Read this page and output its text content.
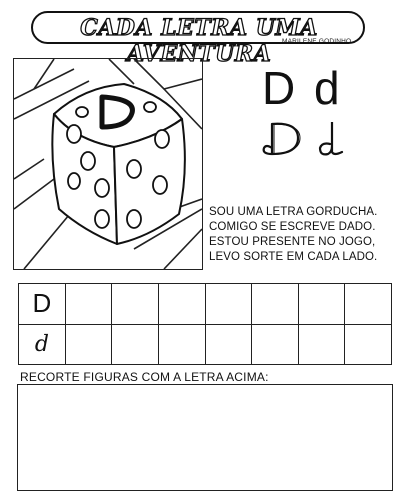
CADA LETRA UMA AVENTURA	MARILENE GODINHO
D d
SOU UMA LETRA GORDUCHA.
COMIGO SE ESCREVE DADO.
ESTOU PRESENTE NO JOGO,
LEVO SORTE EM CADA LADO.
D							
d							
RECORTE FIGURAS COM A LETRA ACIMA:
